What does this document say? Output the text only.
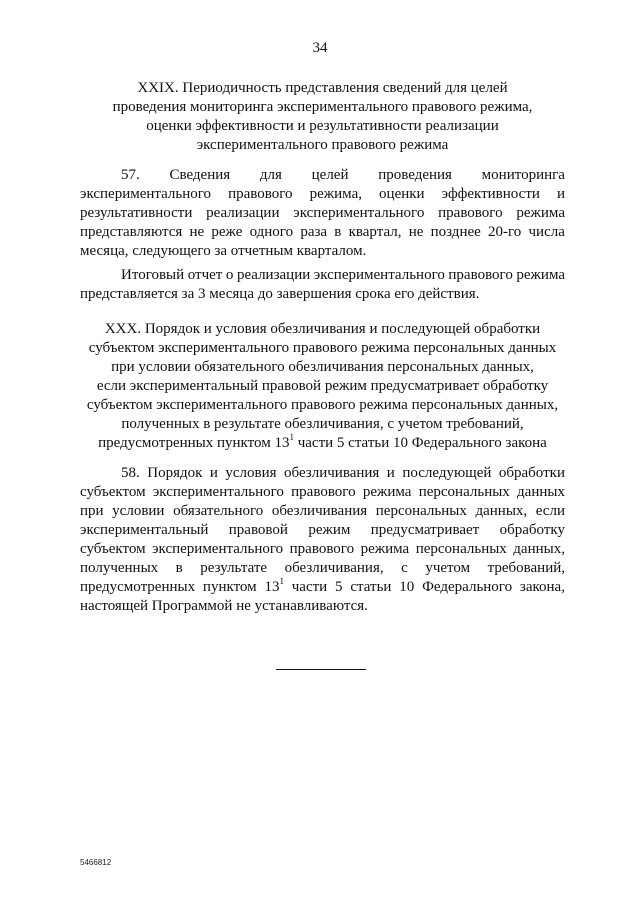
34
XXIX. Периодичность представления сведений для целей
проведения мониторинга экспериментального правового режима,
оценки эффективности и результативности реализации
экспериментального правового режима
57. Сведения для целей проведения мониторинга
экспериментального правового режима, оценки эффективности и
результативности реализации экспериментального правового режима
представляются не реже одного раза в квартал, не позднее 20-го числа
месяца, следующего за отчетным кварталом.
Итоговый отчет о реализации экспериментального правового режима
представляется за 3 месяца до завершения срока его действия.
XXX. Порядок и условия обезличивания и последующей обработки
субъектом экспериментального правового режима персональных данных
при условии обязательного обезличивания персональных данных,
если экспериментальный правовой режим предусматривает обработку
субъектом экспериментального правового режима персональных данных,
полученных в результате обезличивания, с учетом требований,
предусмотренных пунктом $13^1$ части 5 статьи 10 Федерального закона
58. Порядок и условия обезличивания и последующей обработки
субъектом экспериментального правового режима персональных данных
при условии обязательного обезличивания персональных данных, если
экспериментальный правовой режим предусматривает обработку
субъектом экспериментального правового режима персональных данных,
полученных в результате обезличивания, с учетом требований,
предусмотренных пунктом $13^1$ части 5 статьи 10 Федерального закона,
настоящей Программой не устанавливаются.
5466812
